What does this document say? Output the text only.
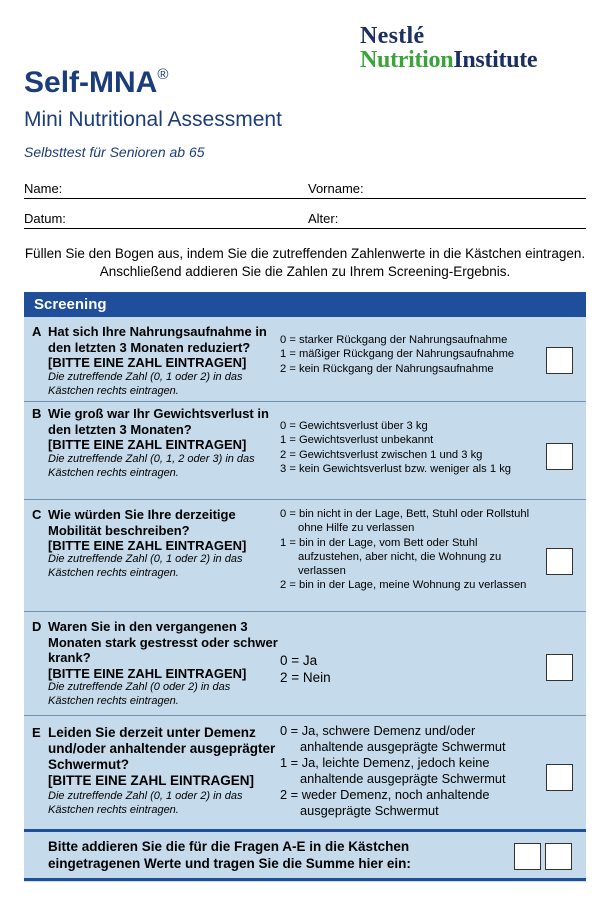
Nestlé
NutritionInstitute
Self-MNA®
Mini Nutritional Assessment
Selbsttest für Senioren ab 65
Name:	Vorname:
Datum:	Alter:
Füllen Sie den Bogen aus, indem Sie die zutreffenden Zahlenwerte in die Kästchen eintragen. Anschließend addieren Sie die Zahlen zu Ihrem Screening-Ergebnis.
Screening
A Hat sich Ihre Nahrungsaufnahme in den letzten 3 Monaten reduziert?
[BITTE EINE ZAHL EINTRAGEN]
Die zutreffende Zahl (0, 1 oder 2) in das Kästchen rechts eintragen.
0 = starker Rückgang der Nahrungsaufnahme
1 = mäßiger Rückgang der Nahrungsaufnahme
2 = kein Rückgang der Nahrungsaufnahme
B Wie groß war Ihr Gewichtsverlust in den letzten 3 Monaten?
[BITTE EINE ZAHL EINTRAGEN]
Die zutreffende Zahl (0, 1, 2 oder 3) in das Kästchen rechts eintragen.
0 = Gewichtsverlust über 3 kg
1 = Gewichtsverlust unbekannt
2 = Gewichtsverlust zwischen 1 und 3 kg
3 = kein Gewichtsverlust bzw. weniger als 1 kg
C Wie würden Sie Ihre derzeitige Mobilität beschreiben?
[BITTE EINE ZAHL EINTRAGEN]
Die zutreffende Zahl (0, 1 oder 2) in das Kästchen rechts eintragen.
0 = bin nicht in der Lage, Bett, Stuhl oder Rollstuhl ohne Hilfe zu verlassen
1 = bin in der Lage, vom Bett oder Stuhl aufzustehen, aber nicht, die Wohnung zu verlassen
2 = bin in der Lage, meine Wohnung zu verlassen
D Waren Sie in den vergangenen 3 Monaten stark gestresst oder schwer krank?
[BITTE EINE ZAHL EINTRAGEN]
Die zutreffende Zahl (0 oder 2) in das Kästchen rechts eintragen.
0 = Ja
2 = Nein
E Leiden Sie derzeit unter Demenz und/oder anhaltender ausgeprägter Schwermut?
[BITTE EINE ZAHL EINTRAGEN]
Die zutreffende Zahl (0, 1 oder 2) in das Kästchen rechts eintragen.
0 = Ja, schwere Demenz und/oder anhaltende ausgeprägte Schwermut
1 = Ja, leichte Demenz, jedoch keine anhaltende ausgeprägte Schwermut
2 = weder Demenz, noch anhaltende ausgeprägte Schwermut
Bitte addieren Sie die für die Fragen A-E in die Kästchen eingetragenen Werte und tragen Sie die Summe hier ein:
